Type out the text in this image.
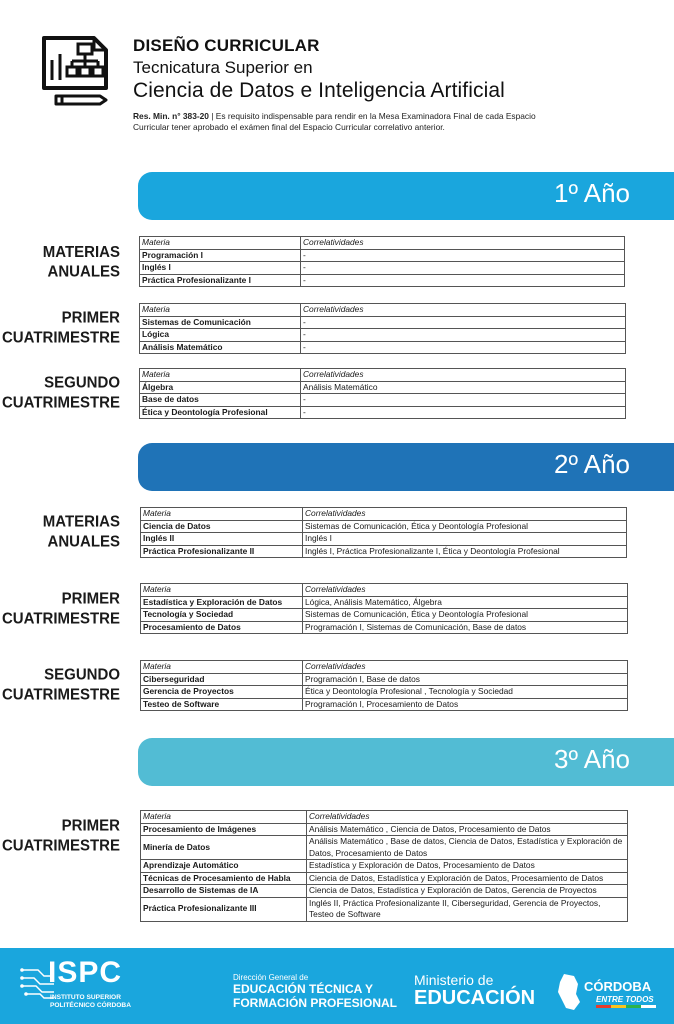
DISEÑO CURRICULAR
Tecnicatura Superior en
Ciencia de Datos e Inteligencia Artificial
Res. Min. n° 383-20 | Es requisito indispensable para rendir en la Mesa Examinadora Final de cada Espacio Curricular tener aprobado el exámen final del Espacio Curricular correlativo anterior.
1º Año
MATERIAS
ANUALES
Materia	Correlatividades
Programación I	-
Inglés I	-
Práctica Profesionalizante I	-
PRIMER
CUATRIMESTRE
Materia	Correlatividades
Sistemas de Comunicación	-
Lógica	-
Análisis Matemático	-
SEGUNDO
CUATRIMESTRE
Materia	Correlatividades
Álgebra	Análisis Matemático
Base de datos	-
Ética y Deontología Profesional	-
2º Año
MATERIAS
ANUALES
Materia	Correlatividades
Ciencia de Datos	Sistemas de Comunicación, Ética y Deontología Profesional
Inglés II	Inglés I
Práctica Profesionalizante II	Inglés I, Práctica Profesionalizante I, Ética y Deontología Profesional
PRIMER
CUATRIMESTRE
Materia	Correlatividades
Estadística y Exploración de Datos	Lógica, Análisis Matemático, Álgebra
Tecnología y Sociedad	Sistemas de Comunicación, Ética y Deontología Profesional
Procesamiento de Datos	Programación I, Sistemas de Comunicación, Base de datos
SEGUNDO
CUATRIMESTRE
Materia	Correlatividades
Ciberseguridad	Programación I, Base de datos
Gerencia de Proyectos	Ética y Deontología Profesional , Tecnología y Sociedad
Testeo de Software	Programación I, Procesamiento de Datos
3º Año
PRIMER
CUATRIMESTRE
Materia	Correlatividades
Procesamiento de Imágenes	Análisis Matemático , Ciencia de Datos, Procesamiento de Datos
Minería de Datos	Análisis Matemático , Base de datos, Ciencia de Datos, Estadística y Exploración de Datos, Procesamiento de Datos
Aprendizaje Automático	Estadística y Exploración de Datos, Procesamiento de Datos
Técnicas de Procesamiento de Habla	Ciencia de Datos, Estadística y Exploración de Datos, Procesamiento de Datos
Desarrollo de Sistemas de IA	Ciencia de Datos, Estadística y Exploración de Datos, Gerencia de Proyectos
Práctica Profesionalizante III	Inglés II, Práctica Profesionalizante II, Ciberseguridad, Gerencia de Proyectos, Testeo de Software
ISPC
INSTITUTO SUPERIOR
POLITÉCNICO CÓRDOBA
Dirección General de
EDUCACIÓN TÉCNICA Y
FORMACIÓN PROFESIONAL
Ministerio de
EDUCACIÓN
CÓRDOBA
ENTRE TODOS
